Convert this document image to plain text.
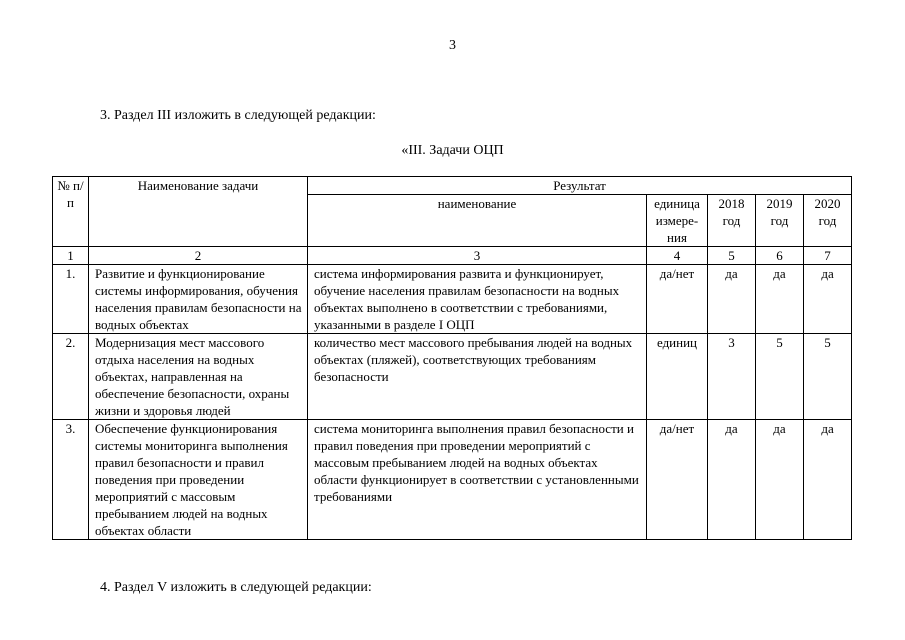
3
3. Раздел III изложить в следующей редакции:
«III. Задачи ОЦП
№ п/п	Наименование задачи	Результат				
		наименование	единица измере-ния	2018 год	2019 год	2020 год
1	2	3	4	5	6	7
1.	Развитие и функционирование системы информирования, обучения населения правилам безопасности на водных объектах	система информирования развита и функционирует, обучение населения правилам безопасности на водных объектах выполнено в соответствии с требованиями, указанными в разделе I ОЦП	да/нет	да	да	да
2.	Модернизация мест массового отдыха населения на водных объектах, направленная на обеспечение безопасности, охраны жизни и здоровья людей	количество мест массового пребывания людей на водных объектах (пляжей), соответствующих требованиям безопасности	единиц	3	5	5
3.	Обеспечение функционирования системы мониторинга выполнения правил безопасности и правил поведения при проведении мероприятий с массовым пребыванием людей на водных объектах области	система мониторинга выполнения правил безопасности и правил поведения при проведении мероприятий с массовым пребыванием людей на водных объектах области функционирует в соответствии с установленными требованиями	да/нет	да	да	да
4. Раздел V изложить в следующей редакции:
